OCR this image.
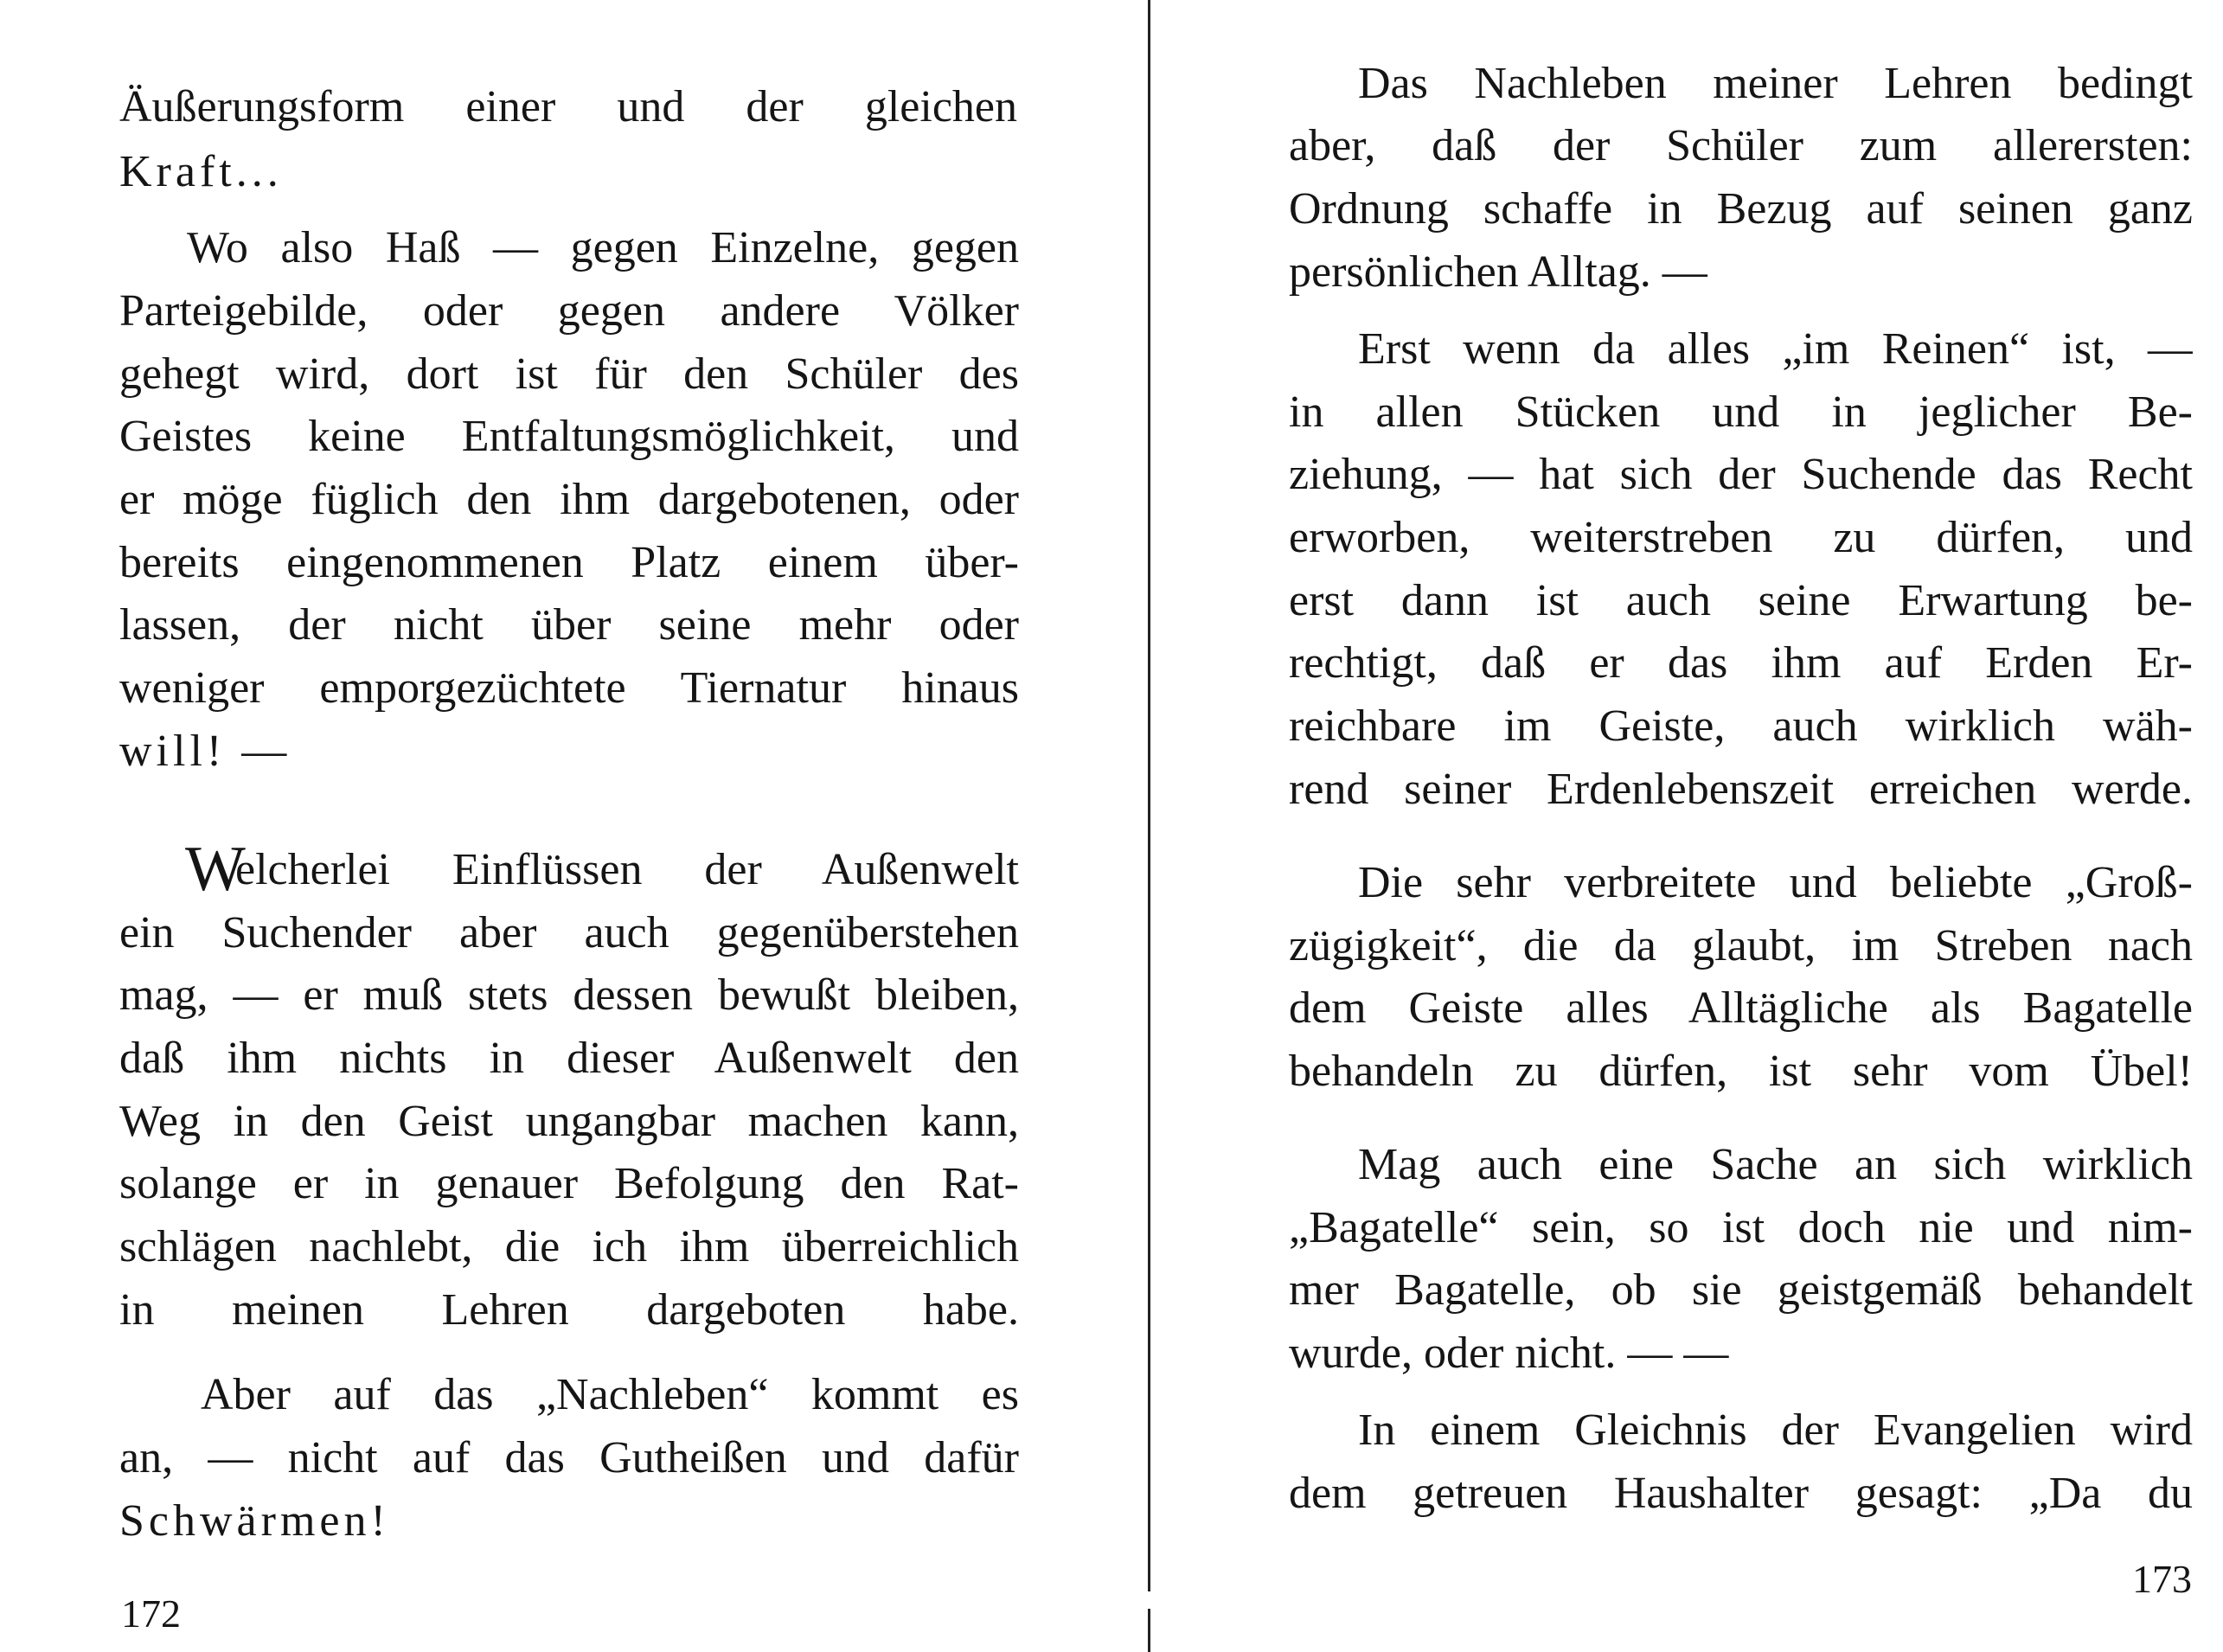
Äußerungsform einer und der gleichen
Kraft...
Wo also Haß — gegen Einzelne, gegen
Parteigebilde, oder gegen andere Völker
gehegt wird, dort ist für den Schüler des
Geistes keine Entfaltungsmöglichkeit, und
er möge füglich den ihm dargebotenen, oder
bereits eingenommenen Platz einem über-
lassen, der nicht über seine mehr oder
weniger emporgezüchtete Tiernatur hinaus
will! —
W
elcherlei Einflüssen der Außenwelt
ein Suchender aber auch gegenüberstehen
mag, — er muß stets dessen bewußt bleiben,
daß ihm nichts in dieser Außenwelt den
Weg in den Geist ungangbar machen kann,
solange er in genauer Befolgung den Rat-
schlägen nachlebt, die ich ihm überreichlich
in meinen Lehren dargeboten habe.
Aber auf das „Nachleben“ kommt es
an, — nicht auf das Gutheißen und dafür
Schwärmen!
172
Das Nachleben meiner Lehren bedingt
aber, daß der Schüler zum allerersten:
Ordnung schaffe in Bezug auf seinen ganz
persönlichen Alltag. —
Erst wenn da alles „im Reinen“ ist, —
in allen Stücken und in jeglicher Be-
ziehung, — hat sich der Suchende das Recht
erworben, weiterstreben zu dürfen, und
erst dann ist auch seine Erwartung be-
rechtigt, daß er das ihm auf Erden Er-
reichbare im Geiste, auch wirklich wäh-
rend seiner Erdenlebenszeit erreichen werde.
Die sehr verbreitete und beliebte „Groß-
zügigkeit“, die da glaubt, im Streben nach
dem Geiste alles Alltägliche als Bagatelle
behandeln zu dürfen, ist sehr vom Übel!
Mag auch eine Sache an sich wirklich
„Bagatelle“ sein, so ist doch nie und nim-
mer Bagatelle, ob sie geistgemäß behandelt
wurde, oder nicht. — —
In einem Gleichnis der Evangelien wird
dem getreuen Haushalter gesagt: „Da du
173
